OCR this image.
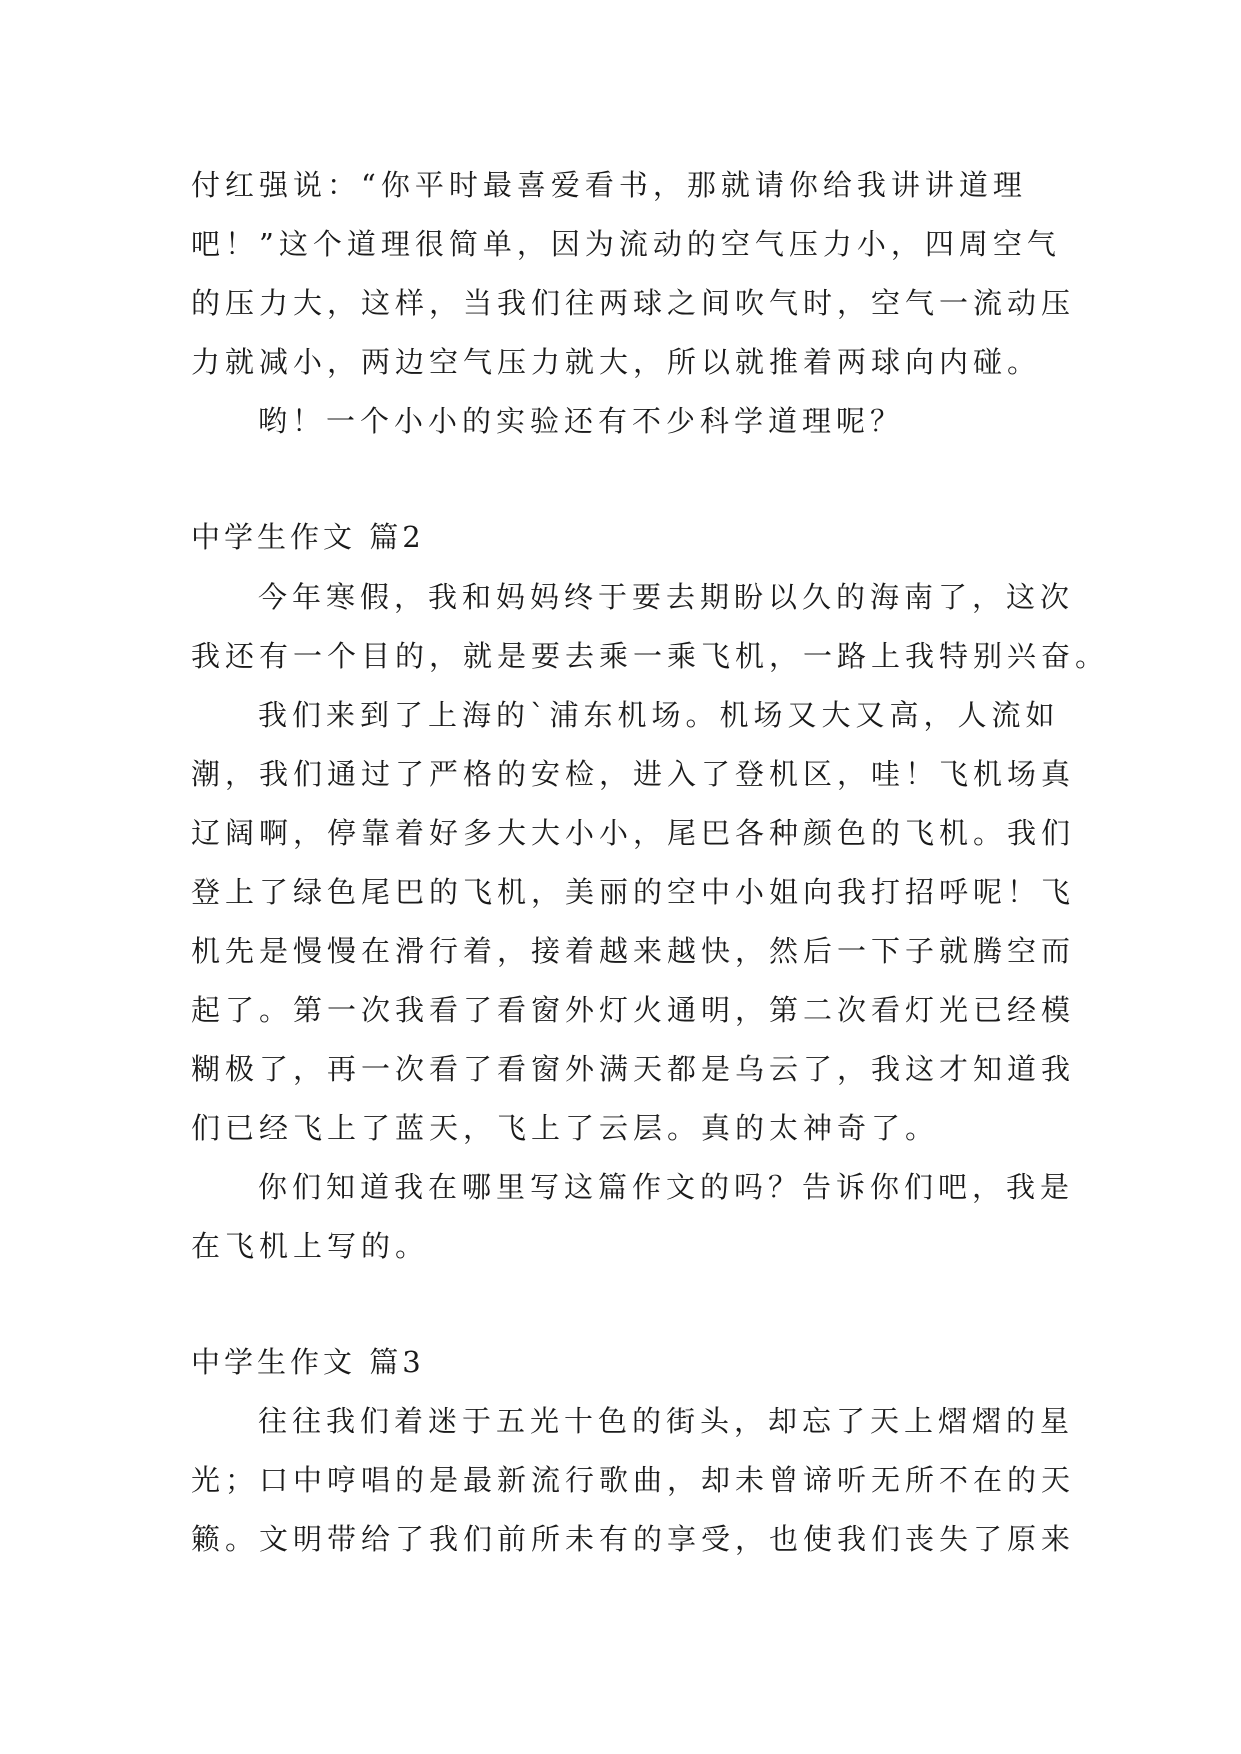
付红强说：“你平时最喜爱看书，那就请你给我讲讲道理
吧！”这个道理很简单，因为流动的空气压力小，四周空气
的压力大，这样，当我们往两球之间吹气时，空气一流动压
力就减小，两边空气压力就大，所以就推着两球向内碰。
哟！一个小小的实验还有不少科学道理呢？
中学生作文 篇2
今年寒假，我和妈妈终于要去期盼以久的海南了，这次
我还有一个目的，就是要去乘一乘飞机，一路上我特别兴奋。
我们来到了上海的`浦东机场。机场又大又高，人流如
潮，我们通过了严格的安检，进入了登机区，哇！飞机场真
辽阔啊，停靠着好多大大小小，尾巴各种颜色的飞机。我们
登上了绿色尾巴的飞机，美丽的空中小姐向我打招呼呢！飞
机先是慢慢在滑行着，接着越来越快，然后一下子就腾空而
起了。第一次我看了看窗外灯火通明，第二次看灯光已经模
糊极了，再一次看了看窗外满天都是乌云了，我这才知道我
们已经飞上了蓝天，飞上了云层。真的太神奇了。
你们知道我在哪里写这篇作文的吗？告诉你们吧，我是
在飞机上写的。
中学生作文 篇3
往往我们着迷于五光十色的街头，却忘了天上熠熠的星
光；口中哼唱的是最新流行歌曲，却未曾谛听无所不在的天
籁。文明带给了我们前所未有的享受，也使我们丧失了原来
